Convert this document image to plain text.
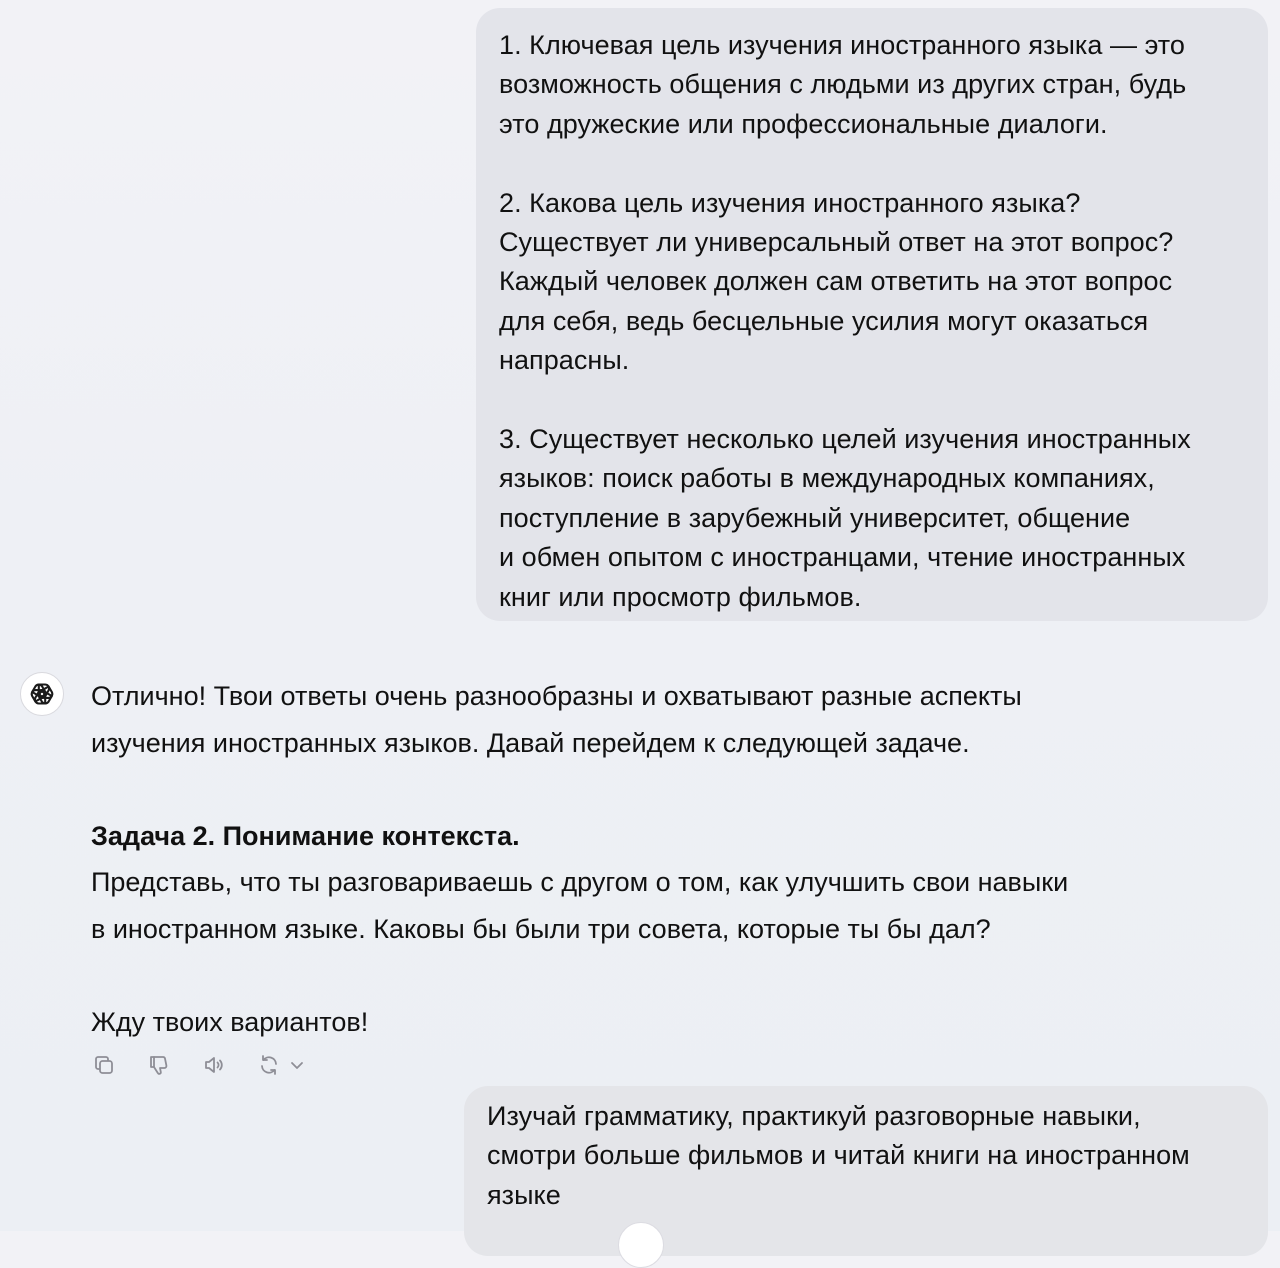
1. Ключевая цель изучения иностранного языка — это
возможность общения с людьми из других стран, будь
это дружеские или профессиональные диалоги.

2. Какова цель изучения иностранного языка?
Существует ли универсальный ответ на этот вопрос?
Каждый человек должен сам ответить на этот вопрос
для себя, ведь бесцельные усилия могут оказаться
напрасны.

3. Существует несколько целей изучения иностранных
языков: поиск работы в международных компаниях,
поступление в зарубежный университет, общение
и обмен опытом с иностранцами, чтение иностранных
книг или просмотр фильмов.

Отлично! Твои ответы очень разнообразны и охватывают разные аспекты
изучения иностранных языков. Давай перейдем к следующей задаче.

Задача 2. Понимание контекста.

Представь, что ты разговариваешь с другом о том, как улучшить свои навыки
в иностранном языке. Каковы бы были три совета, которые ты бы дал?

Жду твоих вариантов!

Изучай грамматику, практикуй разговорные навыки,
смотри больше фильмов и читай книги на иностранном
языке
